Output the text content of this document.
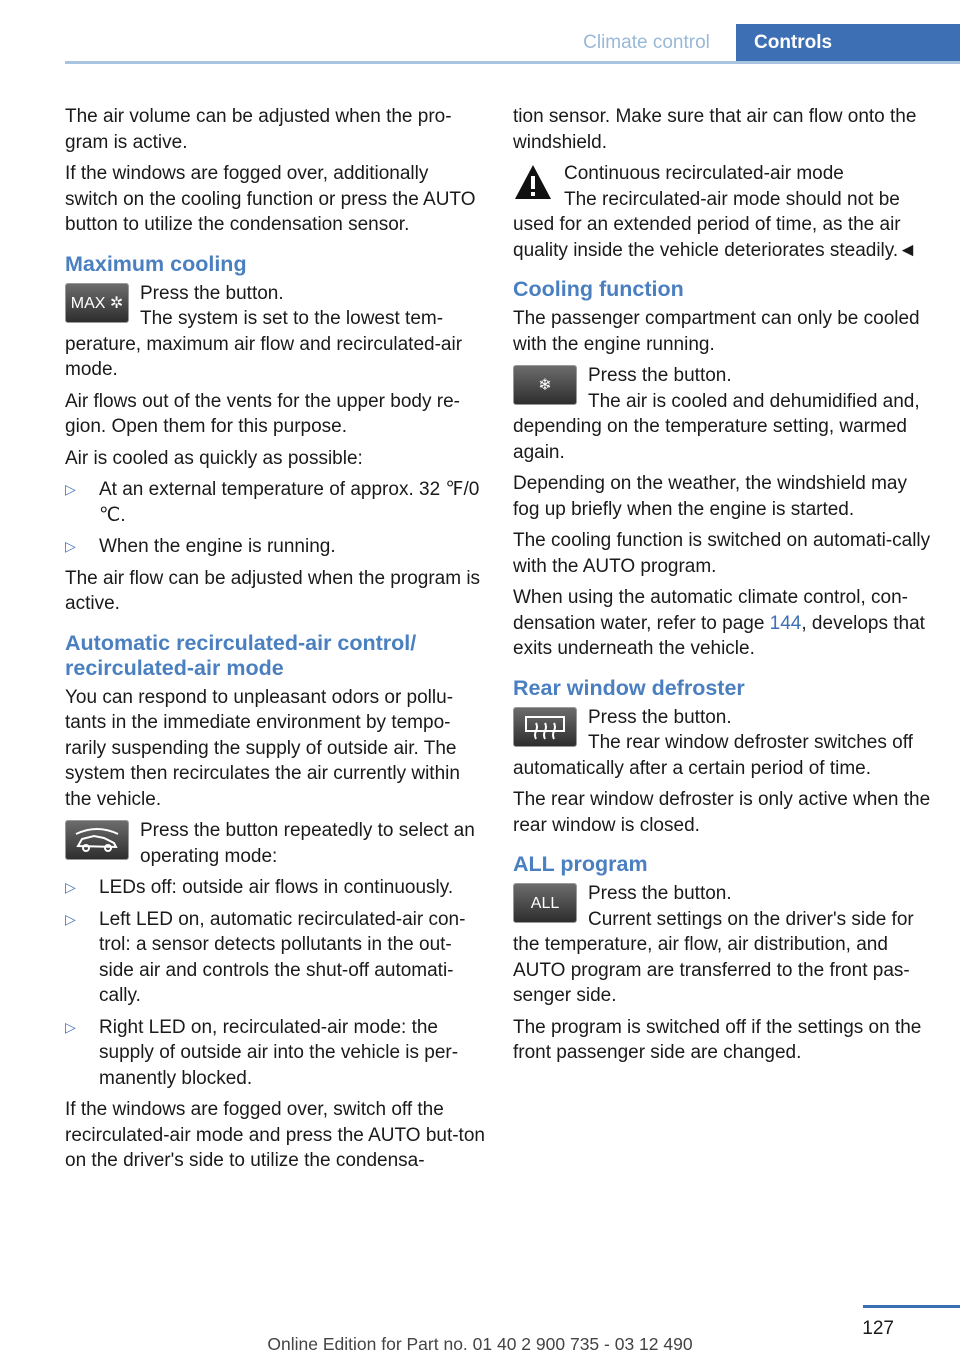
Climate control	Controls

The air volume can be adjusted when the pro-gram is active.

If the windows are fogged over, additionally switch on the cooling function or press the AUTO button to utilize the condensation sensor.

Maximum cooling
MAX ✲ Press the button.

The system is set to the lowest tem-perature, maximum air flow and recirculated-air mode.

Air flows out of the vents for the upper body re-gion. Open them for this purpose.

Air is cooled as quickly as possible:

▷ At an external temperature of approx. 32 ℉/0 ℃.
▷ When the engine is running.

The air flow can be adjusted when the program is active.

Automatic recirculated-air control/ recirculated-air mode

You can respond to unpleasant odors or pollu-tants in the immediate environment by tempo-rarily suspending the supply of outside air. The system then recirculates the air currently within the vehicle.

Press the button repeatedly to select an operating mode:

▷ LEDs off: outside air flows in continuously.
▷ Left LED on, automatic recirculated-air con-trol: a sensor detects pollutants in the out-side air and controls the shut-off automati-cally.
▷ Right LED on, recirculated-air mode: the supply of outside air into the vehicle is per-manently blocked.

If the windows are fogged over, switch off the recirculated-air mode and press the AUTO but-ton on the driver's side to utilize the condensa-

tion sensor. Make sure that air can flow onto the windshield.

Continuous recirculated-air mode

The recirculated-air mode should not be used for an extended period of time, as the air quality inside the vehicle deteriorates steadily.◄

Cooling function

The passenger compartment can only be cooled with the engine running.

❄	Press the button.

The air is cooled and dehumidified and, depending on the temperature setting, warmed again.

Depending on the weather, the windshield may fog up briefly when the engine is started.

The cooling function is switched on automati-cally with the AUTO program.

When using the automatic climate control, con-densation water, refer to page 144, develops that exits underneath the vehicle.

Rear window defroster

Press the button.

The rear window defroster switches off automatically after a certain period of time.

The rear window defroster is only active when the rear window is closed.

ALL program
ALL	Press the button.

Current settings on the driver's side for the temperature, air flow, air distribution, and AUTO program are transferred to the front pas-senger side.

The program is switched off if the settings on the front passenger side are changed.

127
Online Edition for Part no. 01 40 2 900 735 - 03 12 490
